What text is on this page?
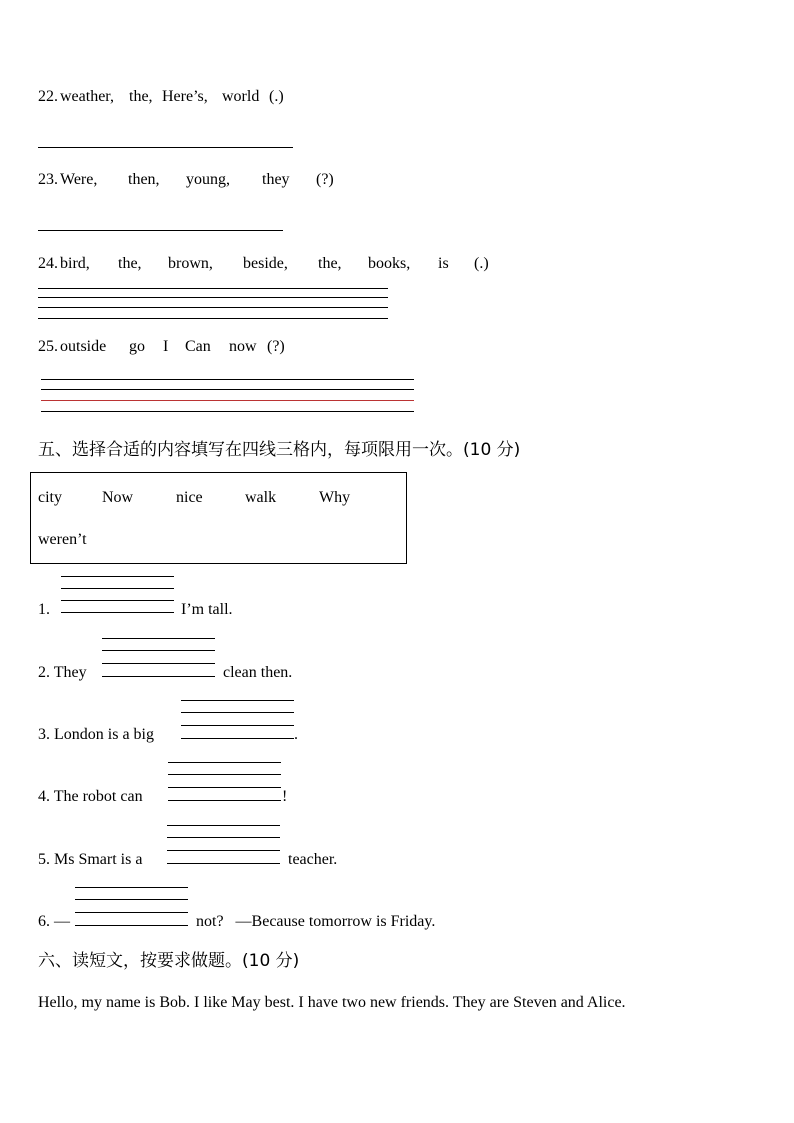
22. weather, the, Here’s, world (.)
23. Were, then, young, they (?)
24. bird, the, brown, beside, the, books, is (.)
25. outside go I Can now (?)
五、选择合适的内容填写在四线三格内，每项限用一次。(10 分)
city	Now	nice	walk	Why
weren’t
1.	I’m tall.
2. They	clean then.
3. London is a big	.
4. The robot can	!
5. Ms Smart is a	teacher.
6. —	not?   —Because tomorrow is Friday.
六、读短文，按要求做题。(10 分)
Hello, my name is Bob. I like May best. I have two new friends. They are Steven and Alice.
